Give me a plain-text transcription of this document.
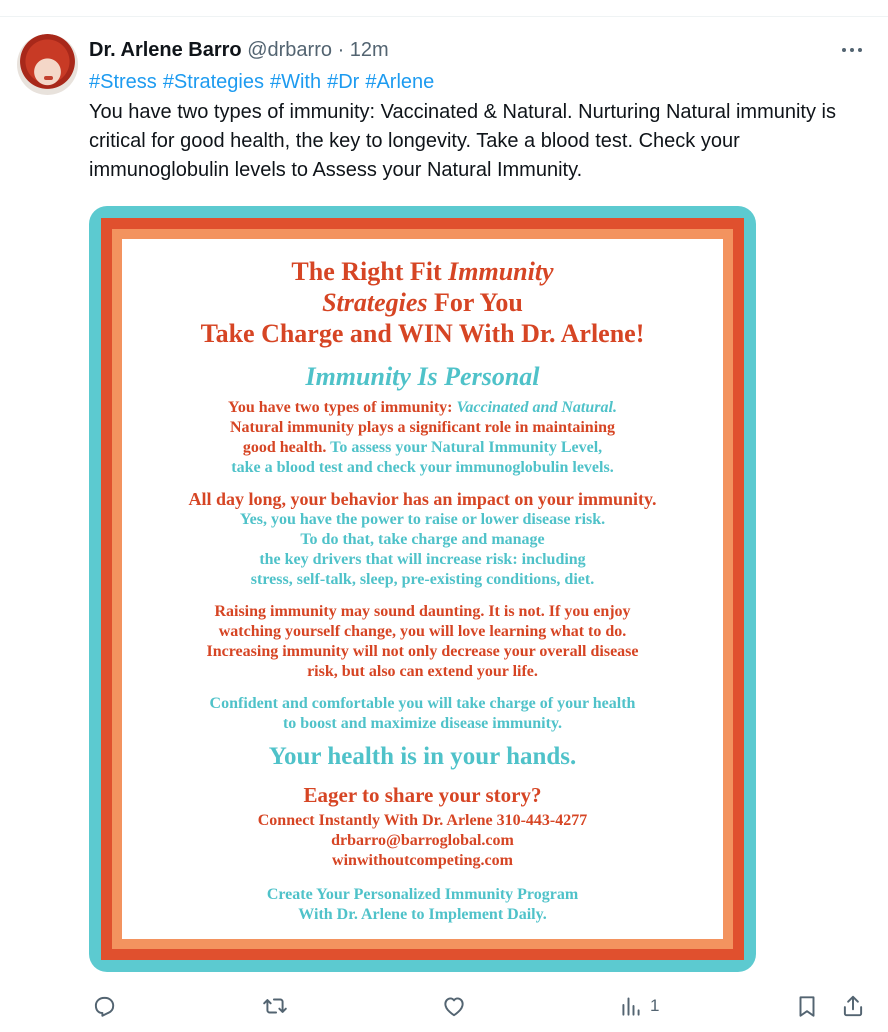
Dr. Arlene Barro @drbarro · 12m
#Stress #Strategies #With #Dr #Arlene
You have two types of immunity: Vaccinated & Natural. Nurturing Natural immunity is critical for good health, the key to longevity. Take a blood test. Check your immunoglobulin levels to Assess your Natural Immunity.

The Right Fit Immunity

Strategies For You

Take Charge and WIN With Dr. Arlene!

Immunity Is Personal

You have two types of immunity: Vaccinated and Natural.

Natural immunity plays a significant role in maintaining

good health. To assess your Natural Immunity Level,

take a blood test and check your immunoglobulin levels.

All day long, your behavior has an impact on your immunity.

Yes, you have the power to raise or lower disease risk.

To do that, take charge and manage

the key drivers that will increase risk: including

stress, self-talk, sleep, pre-existing conditions, diet.

Raising immunity may sound daunting. It is not. If you enjoy

watching yourself change, you will love learning what to do.

Increasing immunity will not only decrease your overall disease

risk, but also can extend your life.

Confident and comfortable you will take charge of your health

to boost and maximize disease immunity.

Your health is in your hands.

Eager to share your story?

Connect Instantly With Dr. Arlene 310-443-4277

drbarro@barroglobal.com

winwithoutcompeting.com

Create Your Personalized Immunity Program

With Dr. Arlene to Implement Daily.

1
